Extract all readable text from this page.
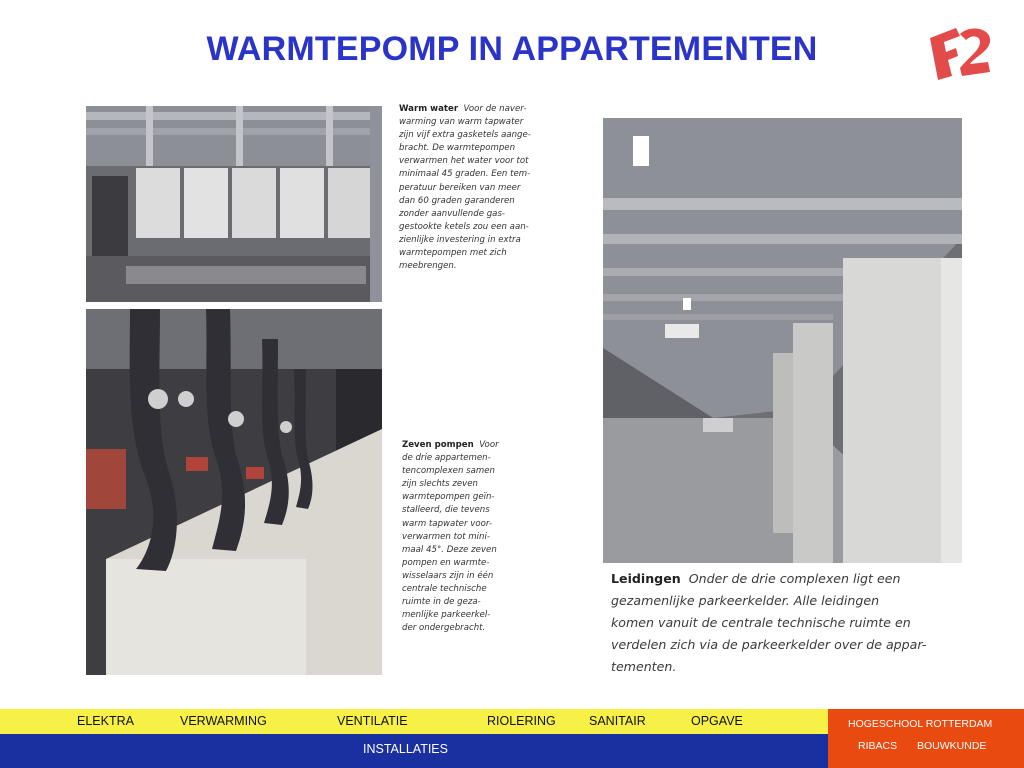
WARMTEPOMP IN APPARTEMENTEN
Warm water Voor de naver-
warming van warm tapwater
zijn vijf extra gasketels aange-
bracht. De warmtepompen
verwarmen het water voor tot
minimaal 45 graden. Een tem-
peratuur bereiken van meer
dan 60 graden garanderen
zonder aanvullende gas-
gestookte ketels zou een aan-
zienlijke investering in extra
warmtepompen met zich
meebrengen.
Zeven pompen Voor
de drie appartemen-
tencomplexen samen
zijn slechts zeven
warmtepompen geïn-
stalleerd, die tevens
warm tapwater voor-
verwarmen tot mini-
maal 45°. Deze zeven
pompen en warmte-
wisselaars zijn in één
centrale technische
ruimte in de geza-
menlijke parkeerkel-
der ondergebracht.
Leidingen Onder de drie complexen ligt een
gezamenlijke parkeerkelder. Alle leidingen
komen vanuit de centrale technische ruimte en
verdelen zich via de parkeerkelder over de appar-
tementen.
ELEKTRA	VERWARMING	VENTILATIE	RIOLERING	SANITAIR	OPGAVE
INSTALLATIES
HOGESCHOOL ROTTERDAM
RIBACS BOUWKUNDE
